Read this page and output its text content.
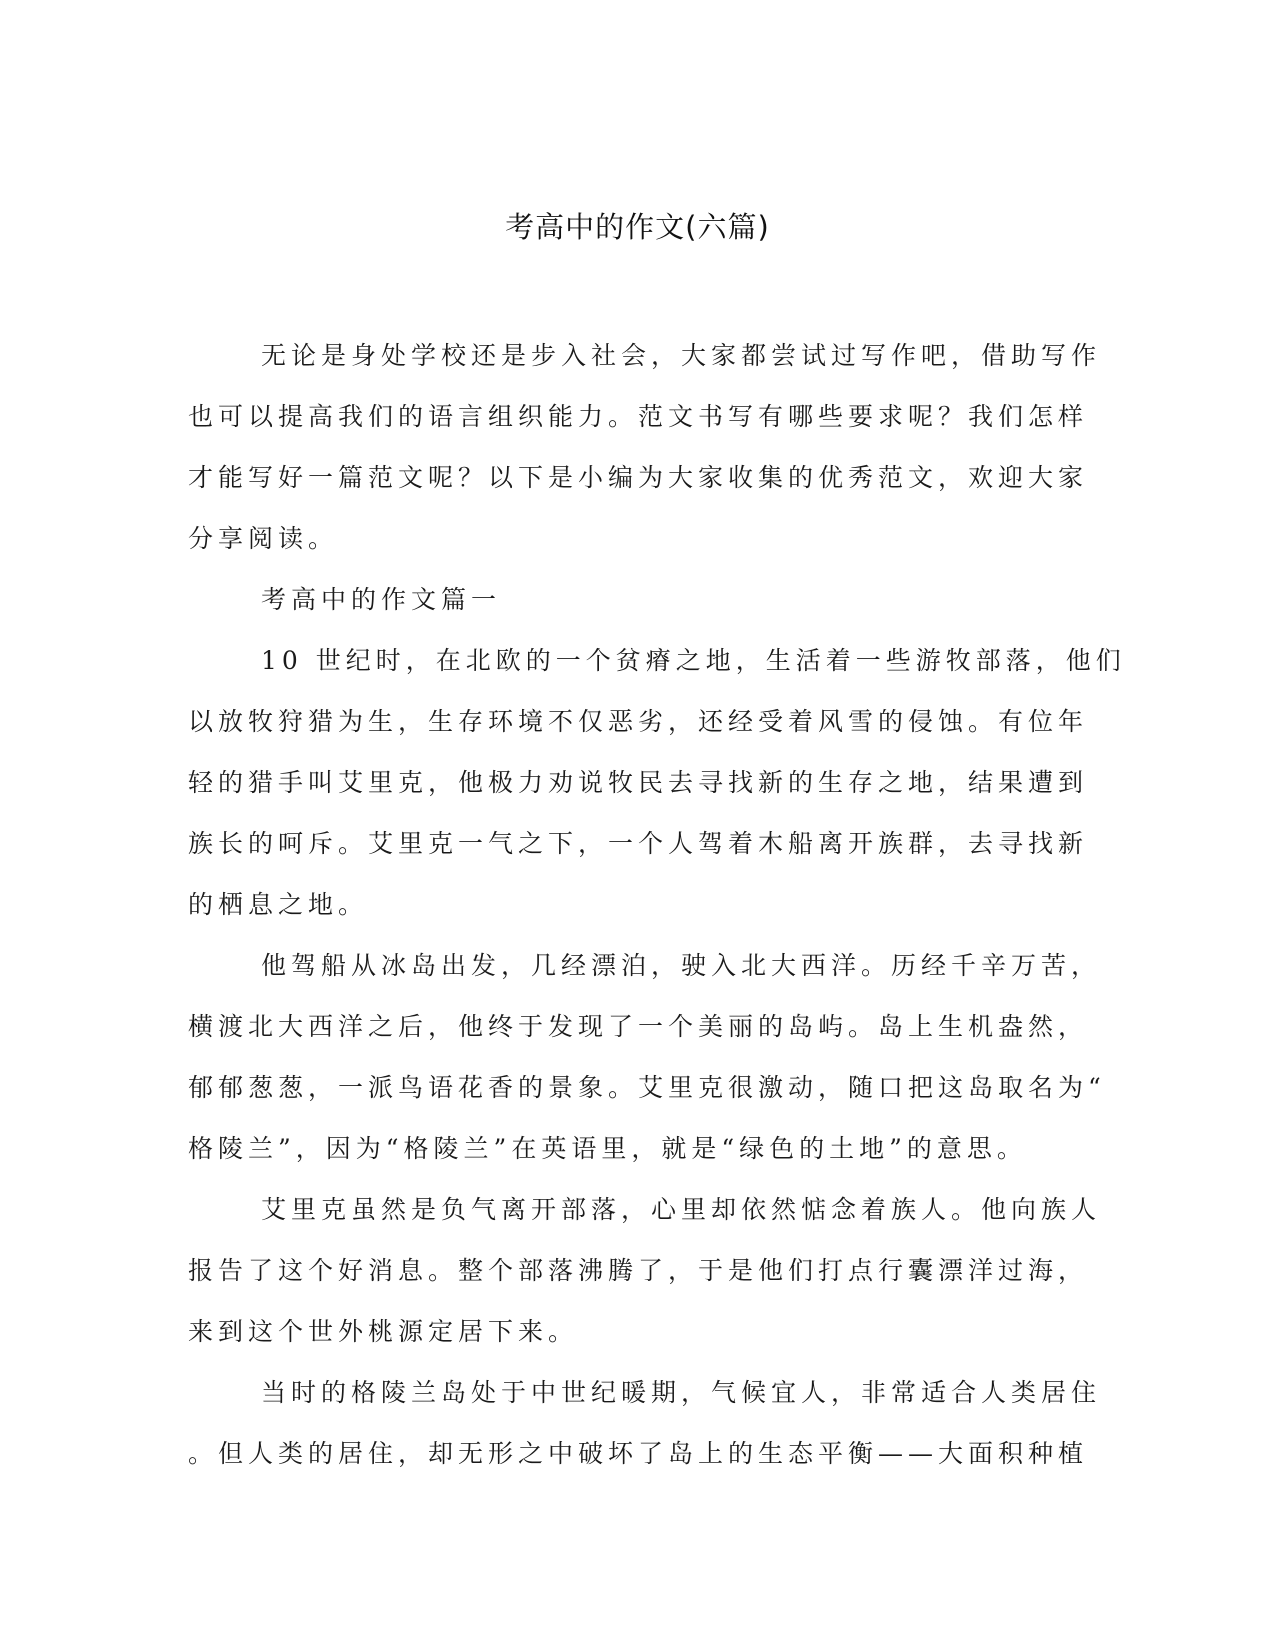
考高中的作文(六篇)
无论是身处学校还是步入社会，大家都尝试过写作吧，借助写作
也可以提高我们的语言组织能力。范文书写有哪些要求呢？我们怎样
才能写好一篇范文呢？以下是小编为大家收集的优秀范文，欢迎大家
分享阅读。
考高中的作文篇一
10 世纪时，在北欧的一个贫瘠之地，生活着一些游牧部落，他们
以放牧狩猎为生，生存环境不仅恶劣，还经受着风雪的侵蚀。有位年
轻的猎手叫艾里克，他极力劝说牧民去寻找新的生存之地，结果遭到
族长的呵斥。艾里克一气之下，一个人驾着木船离开族群，去寻找新
的栖息之地。
他驾船从冰岛出发，几经漂泊，驶入北大西洋。历经千辛万苦，
横渡北大西洋之后，他终于发现了一个美丽的岛屿。岛上生机盎然，
郁郁葱葱，一派鸟语花香的景象。艾里克很激动，随口把这岛取名为“
格陵兰”，因为“格陵兰”在英语里，就是“绿色的土地”的意思。
艾里克虽然是负气离开部落，心里却依然惦念着族人。他向族人
报告了这个好消息。整个部落沸腾了，于是他们打点行囊漂洋过海，
来到这个世外桃源定居下来。
当时的格陵兰岛处于中世纪暖期，气候宜人，非常适合人类居住
。但人类的居住，却无形之中破坏了岛上的生态平衡——大面积种植
